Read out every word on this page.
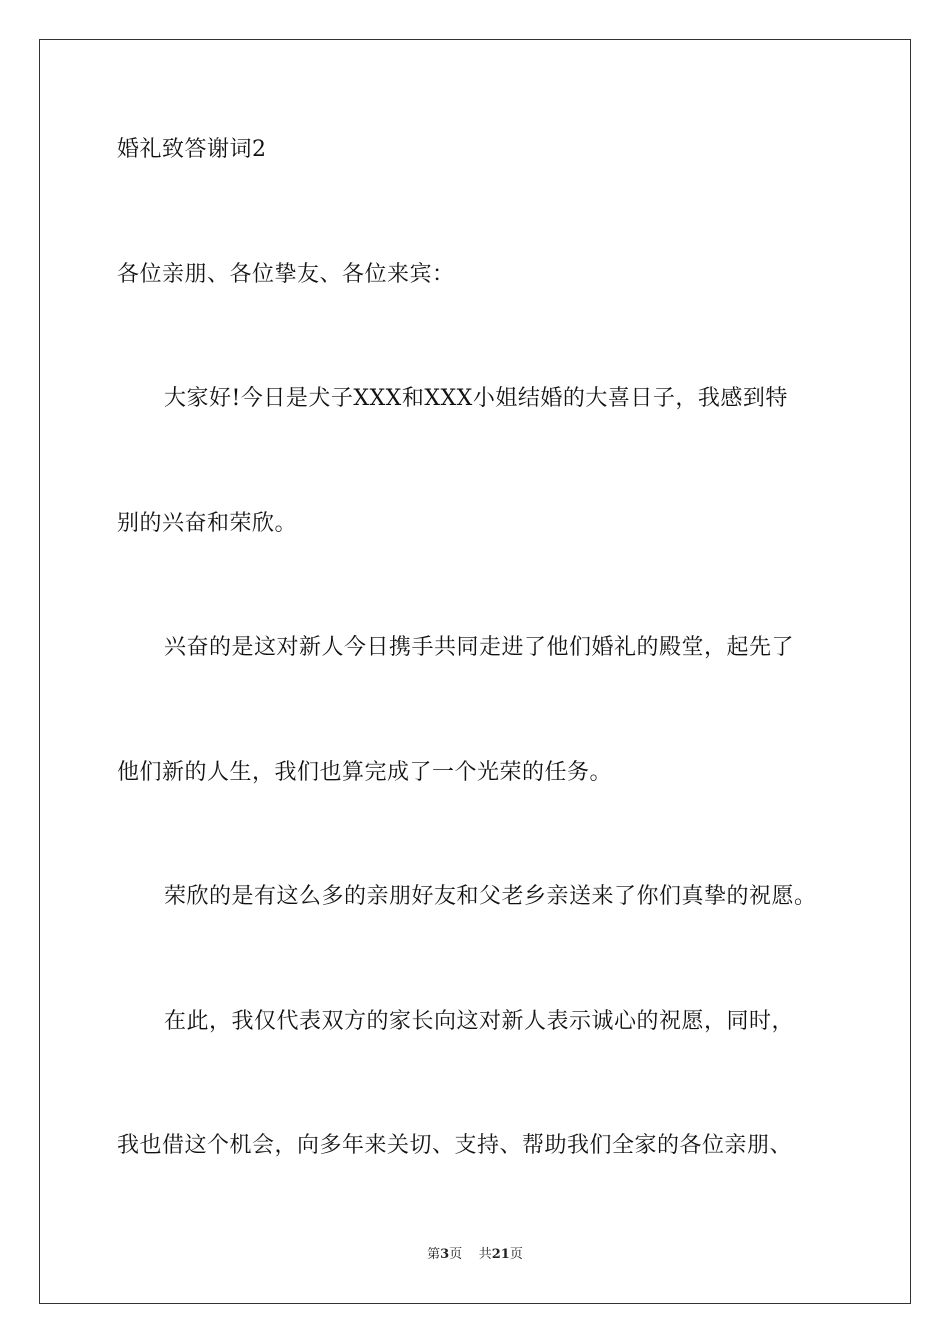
婚礼致答谢词2
各位亲朋、各位挚友、各位来宾：
大家好!今日是犬子XXX和XXX小姐结婚的大喜日子，我感到特
别的兴奋和荣欣。
兴奋的是这对新人今日携手共同走进了他们婚礼的殿堂，起先了
他们新的人生，我们也算完成了一个光荣的任务。
荣欣的是有这么多的亲朋好友和父老乡亲送来了你们真挚的祝愿。
在此，我仅代表双方的家长向这对新人表示诚心的祝愿，同时，
我也借这个机会，向多年来关切、支持、帮助我们全家的各位亲朋、
第3页 共21页
